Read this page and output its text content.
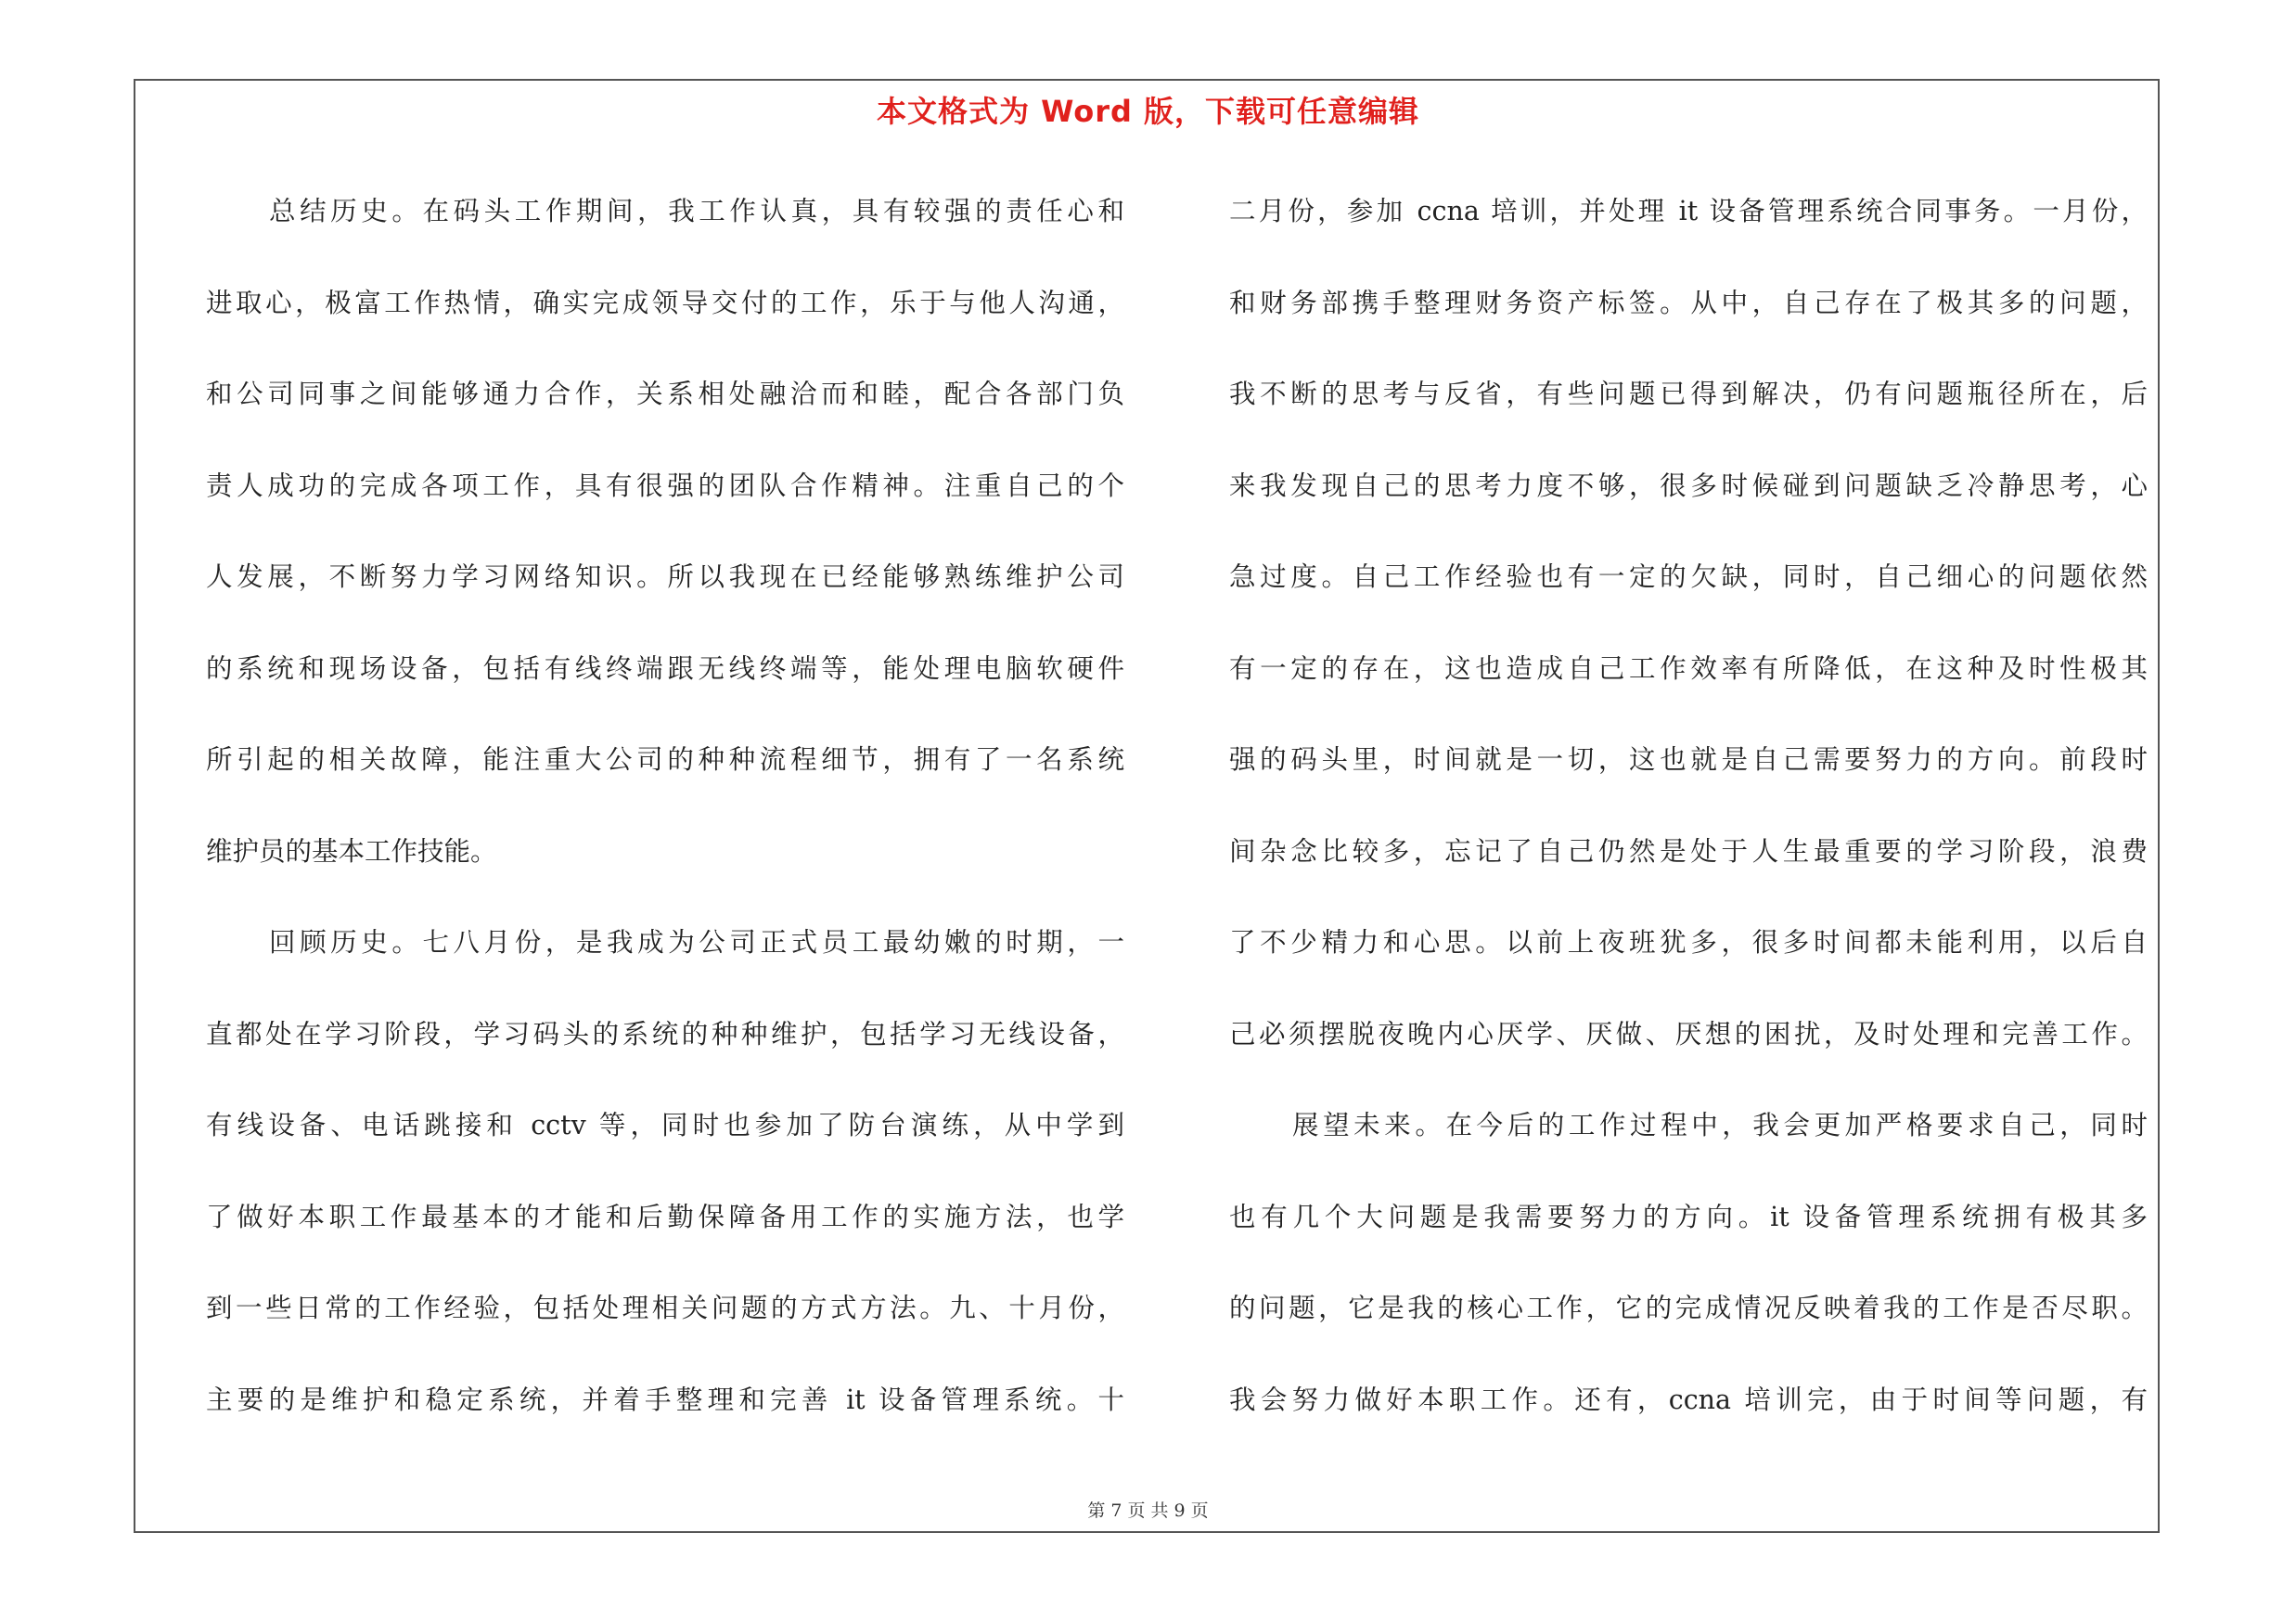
本文格式为 Word 版，下载可任意编辑
总结历史。在码头工作期间，我工作认真，具有较强的责任心和
进取心，极富工作热情，确实完成领导交付的工作，乐于与他人沟通，
和公司同事之间能够通力合作，关系相处融洽而和睦，配合各部门负
责人成功的完成各项工作，具有很强的团队合作精神。注重自己的个
人发展，不断努力学习网络知识。所以我现在已经能够熟练维护公司
的系统和现场设备，包括有线终端跟无线终端等，能处理电脑软硬件
所引起的相关故障，能注重大公司的种种流程细节，拥有了一名系统
维护员的基本工作技能。
回顾历史。七八月份，是我成为公司正式员工最幼嫩的时期，一
直都处在学习阶段，学习码头的系统的种种维护，包括学习无线设备，
有线设备、电话跳接和 cctv 等，同时也参加了防台演练，从中学到
了做好本职工作最基本的才能和后勤保障备用工作的实施方法，也学
到一些日常的工作经验，包括处理相关问题的方式方法。九、十月份，
主要的是维护和稳定系统，并着手整理和完善 it 设备管理系统。十
二月份，参加 ccna 培训，并处理 it 设备管理系统合同事务。一月份，
和财务部携手整理财务资产标签。从中，自己存在了极其多的问题，
我不断的思考与反省，有些问题已得到解决，仍有问题瓶径所在，后
来我发现自己的思考力度不够，很多时候碰到问题缺乏冷静思考，心
急过度。自己工作经验也有一定的欠缺，同时，自己细心的问题依然
有一定的存在，这也造成自己工作效率有所降低，在这种及时性极其
强的码头里，时间就是一切，这也就是自己需要努力的方向。前段时
间杂念比较多，忘记了自己仍然是处于人生最重要的学习阶段，浪费
了不少精力和心思。以前上夜班犹多，很多时间都未能利用，以后自
己必须摆脱夜晚内心厌学、厌做、厌想的困扰，及时处理和完善工作。
展望未来。在今后的工作过程中，我会更加严格要求自己，同时
也有几个大问题是我需要努力的方向。it 设备管理系统拥有极其多
的问题，它是我的核心工作，它的完成情况反映着我的工作是否尽职。
我会努力做好本职工作。还有，ccna 培训完，由于时间等问题，有
第 7 页 共 9 页
